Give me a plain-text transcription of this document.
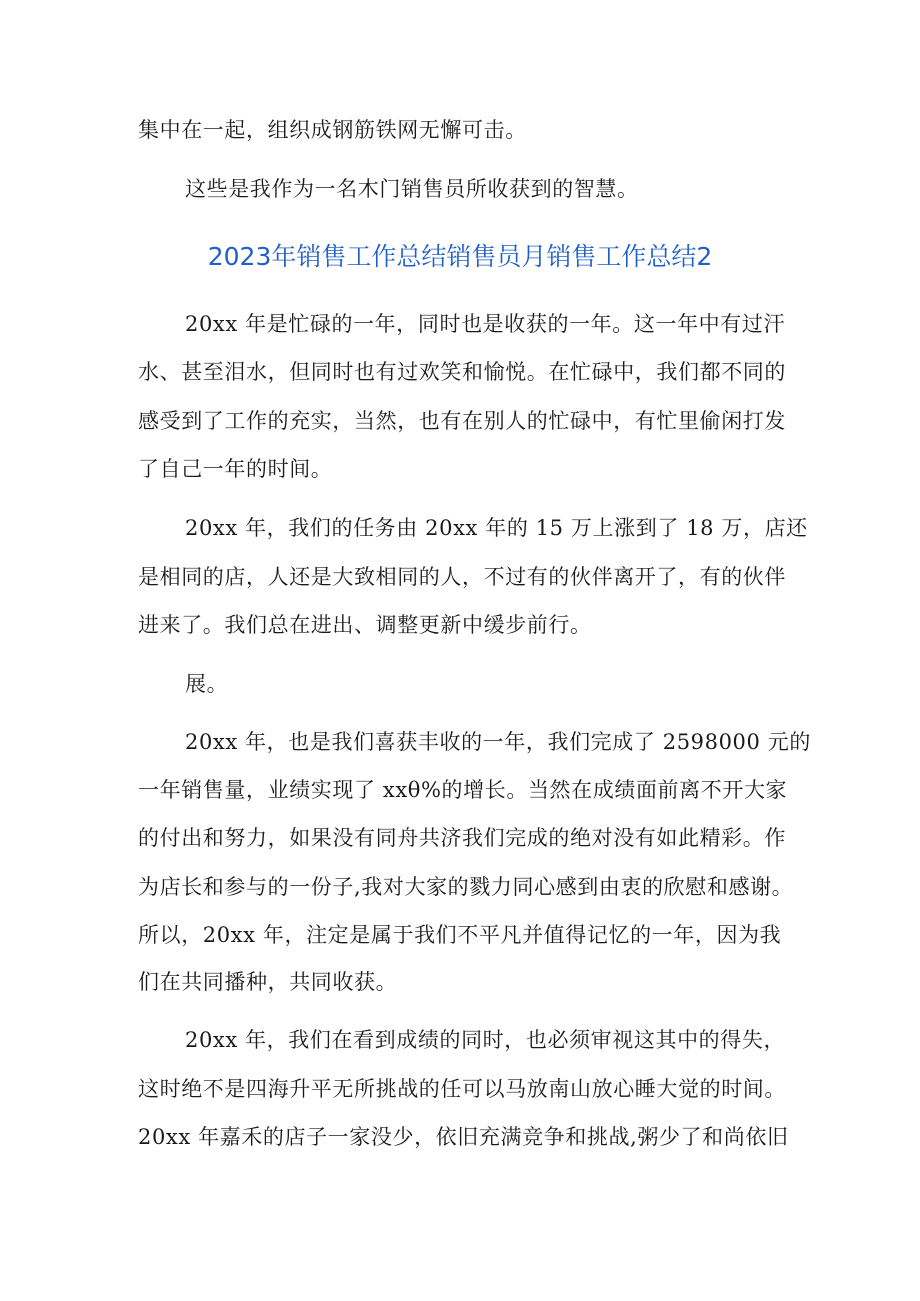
集中在一起，组织成钢筋铁网无懈可击。

这些是我作为一名木门销售员所收获到的智慧。

2023年销售工作总结销售员月销售工作总结2

20xx 年是忙碌的一年，同时也是收获的一年。这一年中有过汗

水、甚至泪水，但同时也有过欢笑和愉悦。在忙碌中，我们都不同的

感受到了工作的充实，当然，也有在别人的忙碌中，有忙里偷闲打发

了自己一年的时间。

20xx 年，我们的任务由 20xx 年的 15 万上涨到了 18 万，店还

是相同的店，人还是大致相同的人，不过有的伙伴离开了，有的伙伴

进来了。我们总在进出、调整更新中缓步前行。

展。

20xx 年，也是我们喜获丰收的一年，我们完成了 2598000 元的

一年销售量，业绩实现了 xxθ%的增长。当然在成绩面前离不开大家

的付出和努力，如果没有同舟共济我们完成的绝对没有如此精彩。作

为店长和参与的一份子,我对大家的戮力同心感到由衷的欣慰和感谢。

所以，20xx 年，注定是属于我们不平凡并值得记忆的一年，因为我

们在共同播种，共同收获。

20xx 年，我们在看到成绩的同时，也必须审视这其中的得失，

这时绝不是四海升平无所挑战的任可以马放南山放心睡大觉的时间。

20xx 年嘉禾的店子一家没少，依旧充满竞争和挑战,粥少了和尚依旧
